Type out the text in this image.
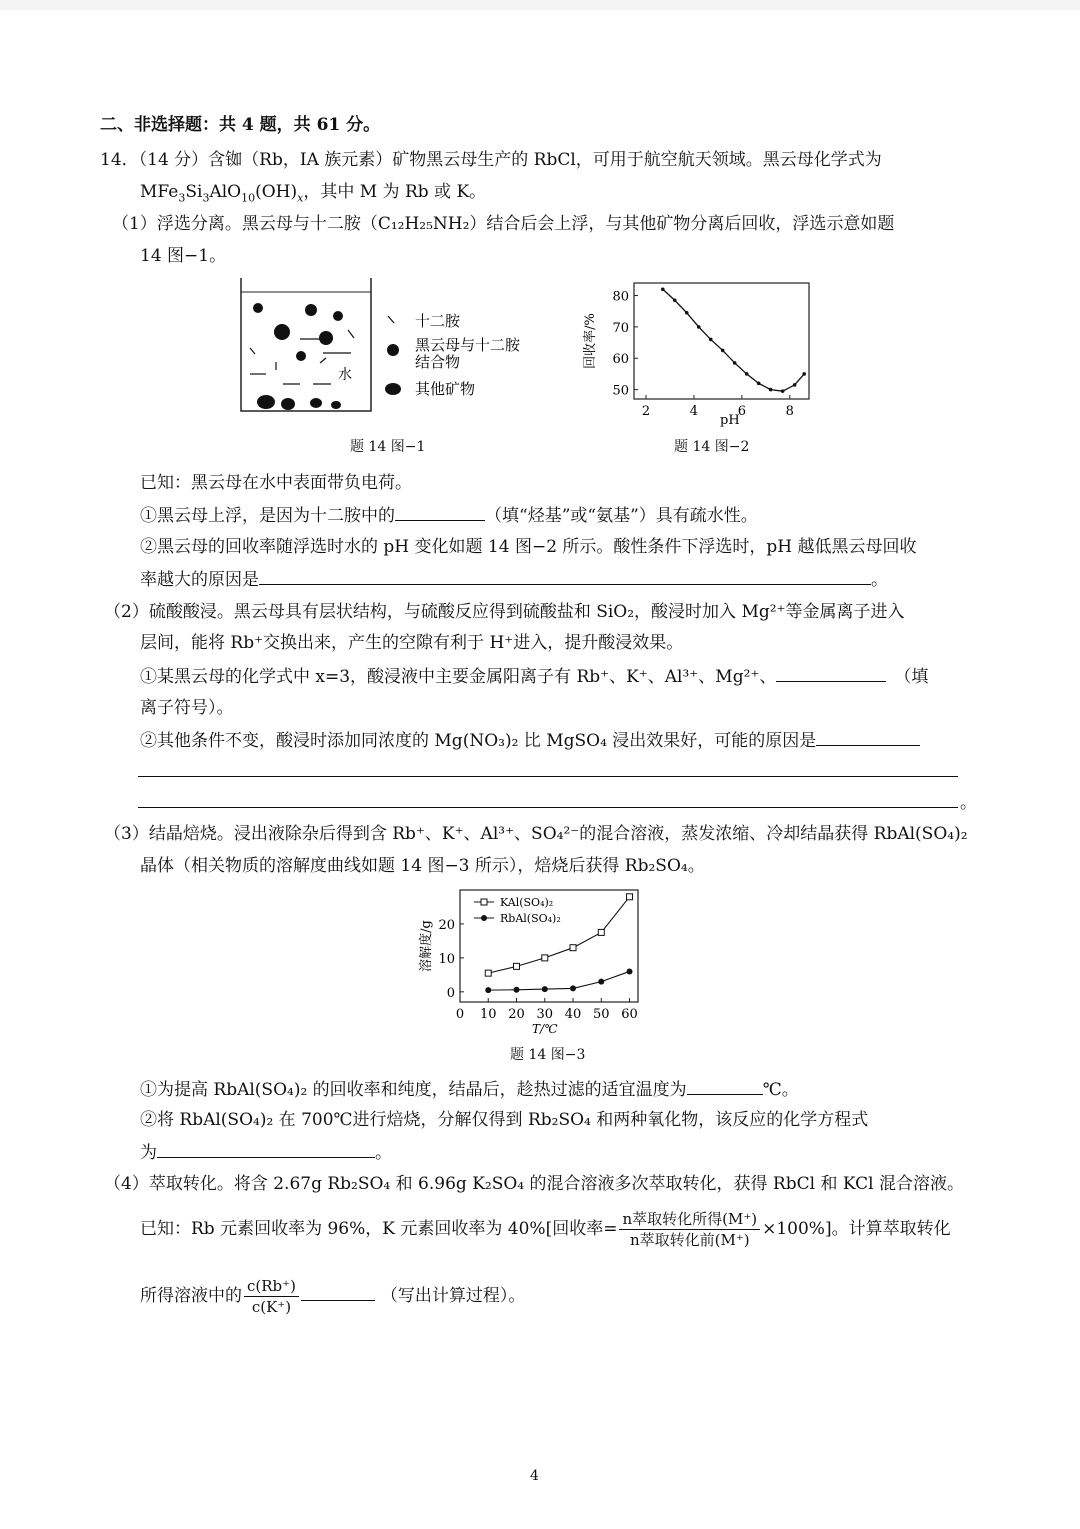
二、非选择题：共 4 题，共 61 分。
14．（14 分）含铷（Rb，IA 族元素）矿物黑云母生产的 RbCl，可用于航空航天领域。黑云母化学式为
$MFe_3Si_3AlO_{10}(OH)_x$，其中 M 为 Rb 或 K。
（1）浮选分离。黑云母与十二胺（C₁₂H₂₅NH₂）结合后会上浮，与其他矿物分离后回收，浮选示意如题
14 图−1。
水
十二胺
黑云母与十二胺
结合物
其他矿物
题 14 图−1
2	4	6	8
50
60
70
80
pH
回收率/%
题 14 图−2
已知：黑云母在水中表面带负电荷。
①黑云母上浮，是因为十二胺中的	（填“烃基”或“氨基”）具有疏水性。
②黑云母的回收率随浮选时水的 pH 变化如题 14 图−2 所示。酸性条件下浮选时，pH 越低黑云母回收
率越大的原因是	。
（2）硫酸酸浸。黑云母具有层状结构，与硫酸反应得到硫酸盐和 SiO₂，酸浸时加入 Mg²⁺等金属离子进入
层间，能将 Rb⁺交换出来，产生的空隙有利于 H⁺进入，提升酸浸效果。
①某黑云母的化学式中 x=3，酸浸液中主要金属阳离子有 Rb⁺、K⁺、Al³⁺、Mg²⁺、	（填
离子符号）。
②其他条件不变，酸浸时添加同浓度的 Mg(NO₃)₂ 比 MgSO₄ 浸出效果好，可能的原因是
。
（3）结晶焙烧。浸出液除杂后得到含 Rb⁺、K⁺、Al³⁺、SO₄²⁻的混合溶液，蒸发浓缩、冷却结晶获得 RbAl(SO₄)₂
晶体（相关物质的溶解度曲线如题 14 图−3 所示），焙烧后获得 Rb₂SO₄。
0 10 20 30 40 50 60
0
10
20
T/℃
溶解度/g
KAl(SO₄)₂
RbAl(SO₄)₂
题 14 图−3
①为提高 RbAl(SO₄)₂ 的回收率和纯度，结晶后，趁热过滤的适宜温度为	℃。
②将 RbAl(SO₄)₂ 在 700℃进行焙烧，分解仅得到 Rb₂SO₄ 和两种氧化物，该反应的化学方程式
为	。
（4）萃取转化。将含 2.67g Rb₂SO₄ 和 6.96g K₂SO₄ 的混合溶液多次萃取转化，获得 RbCl 和 KCl 混合溶液。
已知：Rb 元素回收率为 96%，K 元素回收率为 40%[回收率= $\frac{\text{n萃取转化所得(M⁺)}}{\text{n萃取转化前(M⁺)}} \times 100\%$]。计算萃取转化
所得溶液中的 $\frac{c(Rb^+)}{c(K^+)}$	（写出计算过程）。
4
